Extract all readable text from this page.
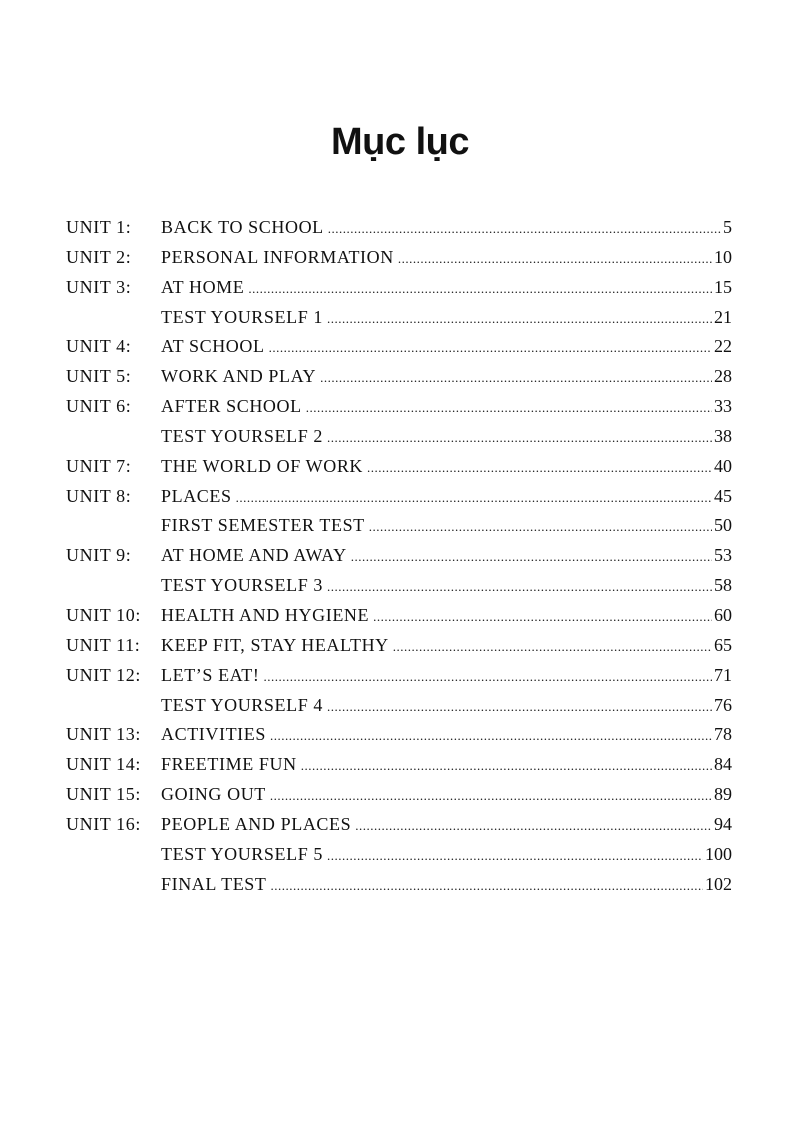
Mục lục
UNIT 1:	BACK TO SCHOOL .....	5
UNIT 2:	PERSONAL INFORMATION .....	10
UNIT 3:	AT HOME .....	15
TEST YOURSELF 1 .....	21
UNIT 4:	AT SCHOOL .....	22
UNIT 5:	WORK AND PLAY .....	28
UNIT 6:	AFTER SCHOOL .....	33
TEST YOURSELF 2 .....	38
UNIT 7:	THE WORLD OF WORK .....	40
UNIT 8:	PLACES .....	45
FIRST SEMESTER TEST .....	50
UNIT 9:	AT HOME AND AWAY .....	53
TEST YOURSELF 3 .....	58
UNIT 10:	HEALTH AND HYGIENE .....	60
UNIT 11:	KEEP FIT, STAY HEALTHY .....	65
UNIT 12:	LET’S EAT! .....	71
TEST YOURSELF 4 .....	76
UNIT 13:	ACTIVITIES .....	78
UNIT 14:	FREETIME FUN .....	84
UNIT 15:	GOING OUT .....	89
UNIT 16:	PEOPLE AND PLACES .....	94
TEST YOURSELF 5 .....	100
FINAL TEST .....	102
